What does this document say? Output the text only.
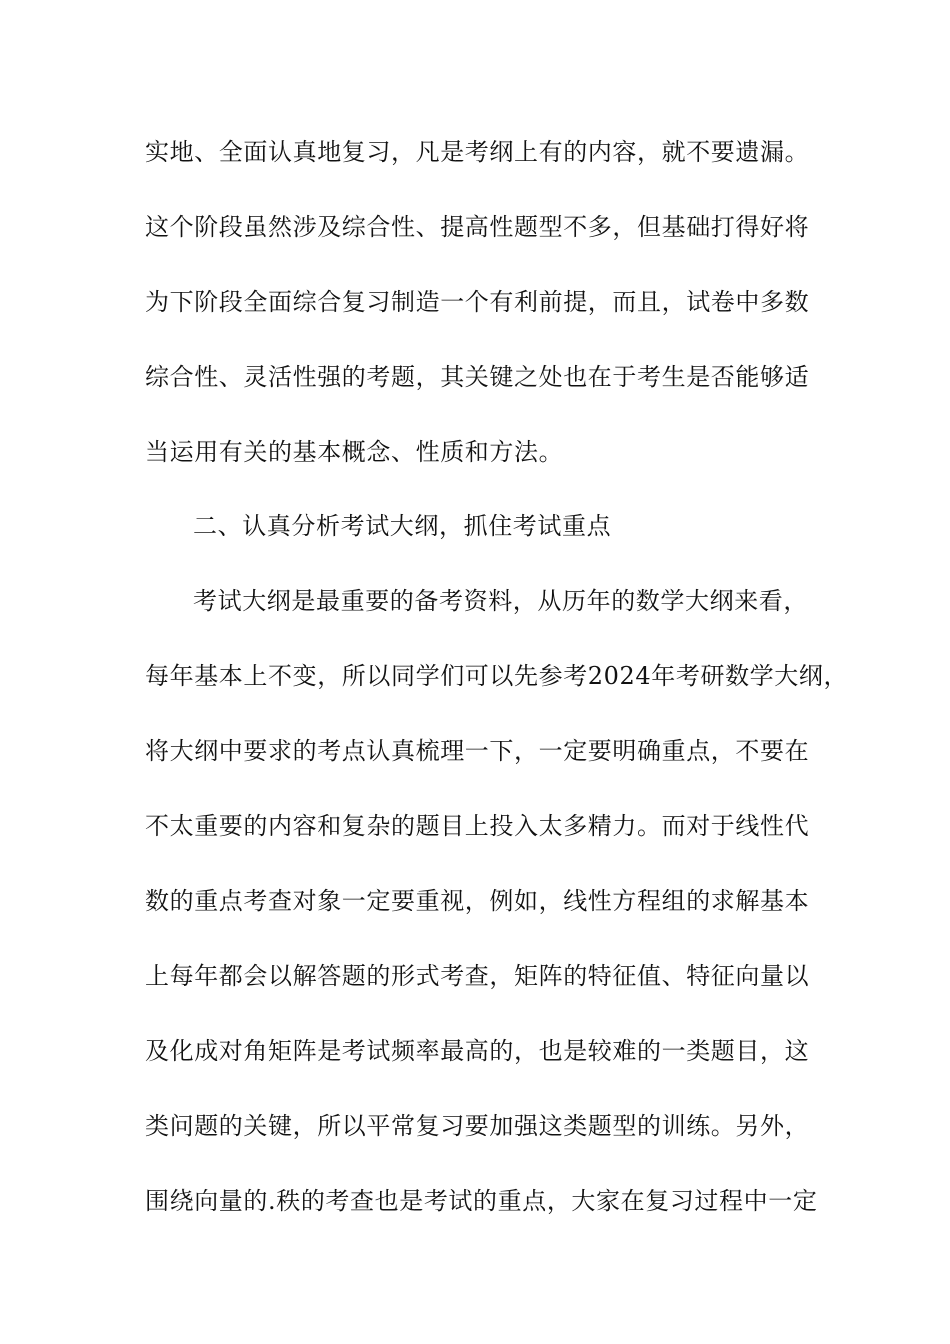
实地、全面认真地复习，凡是考纲上有的内容，就不要遗漏。
这个阶段虽然涉及综合性、提高性题型不多，但基础打得好将
为下阶段全面综合复习制造一个有利前提，而且，试卷中多数
综合性、灵活性强的考题，其关键之处也在于考生是否能够适
当运用有关的基本概念、性质和方法。
二、认真分析考试大纲，抓住考试重点
考试大纲是最重要的备考资料，从历年的数学大纲来看，
每年基本上不变，所以同学们可以先参考2024年考研数学大纲，
将大纲中要求的考点认真梳理一下，一定要明确重点，不要在
不太重要的内容和复杂的题目上投入太多精力。而对于线性代
数的重点考查对象一定要重视，例如，线性方程组的求解基本
上每年都会以解答题的形式考查，矩阵的特征值、特征向量以
及化成对角矩阵是考试频率最高的，也是较难的一类题目，这
类问题的关键，所以平常复习要加强这类题型的训练。另外，
围绕向量的.秩的考查也是考试的重点，大家在复习过程中一定
